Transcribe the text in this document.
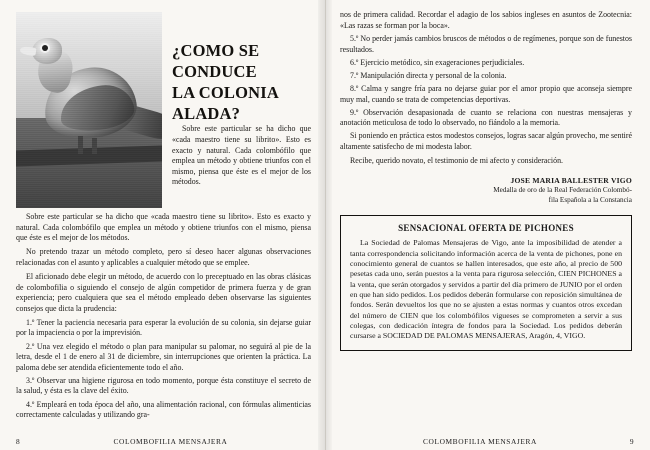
¿COMO SE CONDUCE
LA COLONIA ALADA?

Sobre este particular se ha dicho que «cada maestro tiene su librito». Esto es exacto y natural. Cada colombófilo que emplea un método y obtiene triunfos con el mismo, piensa que éste es el mejor de los métodos.

Sobre este particular se ha dicho que «cada maestro tiene su librito». Esto es exacto y natural. Cada colombófilo que emplea un método y obtiene triunfos con el mismo, piensa que éste es el mejor de los métodos.

No pretendo trazar un método completo, pero sí deseo hacer algunas observaciones relacionadas con el asunto y aplicables a cualquier método que se emplee.

El aficionado debe elegir un método, de acuerdo con lo preceptuado en las obras clásicas de colombofilia o siguiendo el consejo de algún competidor de primera fuerza y de gran experiencia; pero cualquiera que sea el método empleado deben observarse las siguientes consejos que dicta la prudencia:

1.º Tener la paciencia necesaria para esperar la evolución de su colonia, sin dejarse guiar por la impaciencia o por la imprevisión.
2.º Una vez elegido el método o plan para manipular su palomar, no seguirá al pie de la letra, desde el 1 de enero al 31 de diciembre, sin interrupciones que orienten la práctica. La paloma debe ser atendida eficientemente todo el año.
3.º Observar una higiene rigurosa en todo momento, porque ésta constituye el secreto de la salud, y ésta es la clave del éxito.
4.º Empleará en toda época del año, una alimentación racional, con fórmulas alimenticias correctamente calculadas y utilizando gra-
8	COLOMBOFILIA MENSAJERA

nos de primera calidad. Recordar el adagio de los sabios ingleses en asuntos de Zootecnia: «Las razas se forman por la boca».

5.º No perder jamás cambios bruscos de métodos o de regímenes, porque son de funestos resultados.
6.º Ejercicio metódico, sin exageraciones perjudiciales.
7.º Manipulación directa y personal de la colonia.
8.º Calma y sangre fría para no dejarse guiar por el amor propio que aconseja siempre muy mal, cuando se trata de competencias deportivas.
9.º Observación desapasionada de cuanto se relaciona con nuestras mensajeras y anotación meticulosa de todo lo observado, no fiándolo a la memoria.

Si poniendo en práctica estos modestos consejos, logras sacar algún provecho, me sentiré altamente satisfecho de mi modesta labor.

Recibe, querido novato, el testimonio de mi afecto y consideración.

JOSE MARIA BALLESTER VIGO
Medalla de oro de la Real Federación Colombó-
fila Española a la Constancia
SENSACIONAL OFERTA DE PICHONES

La Sociedad de Palomas Mensajeras de Vigo, ante la imposibilidad de atender a tanta correspondencia solicitando información acerca de la venta de pichones, pone en conocimiento general de cuantos se hallen interesados, que este año, al precio de 500 pesetas cada uno, serán puestos a la venta para rigurosa selección, CIEN PICHONES a la venta, que serán otorgados y servidos a partir del día primero de JUNIO por el orden en que han sido pedidos. Los pedidos deberán formularse con reposición simultánea de fondos. Serán devueltos los que no se ajusten a estas normas y cuantos otros excedan del número de CIEN que los colombófilos vigueses se comprometen a servir a sus colegas, con dedicación íntegra de fondos para la Sociedad. Los pedidos deberán cursarse a SOCIEDAD DE PALOMAS MENSAJERAS, Aragón, 4, VIGO.

COLOMBOFILIA MENSAJERA	9
